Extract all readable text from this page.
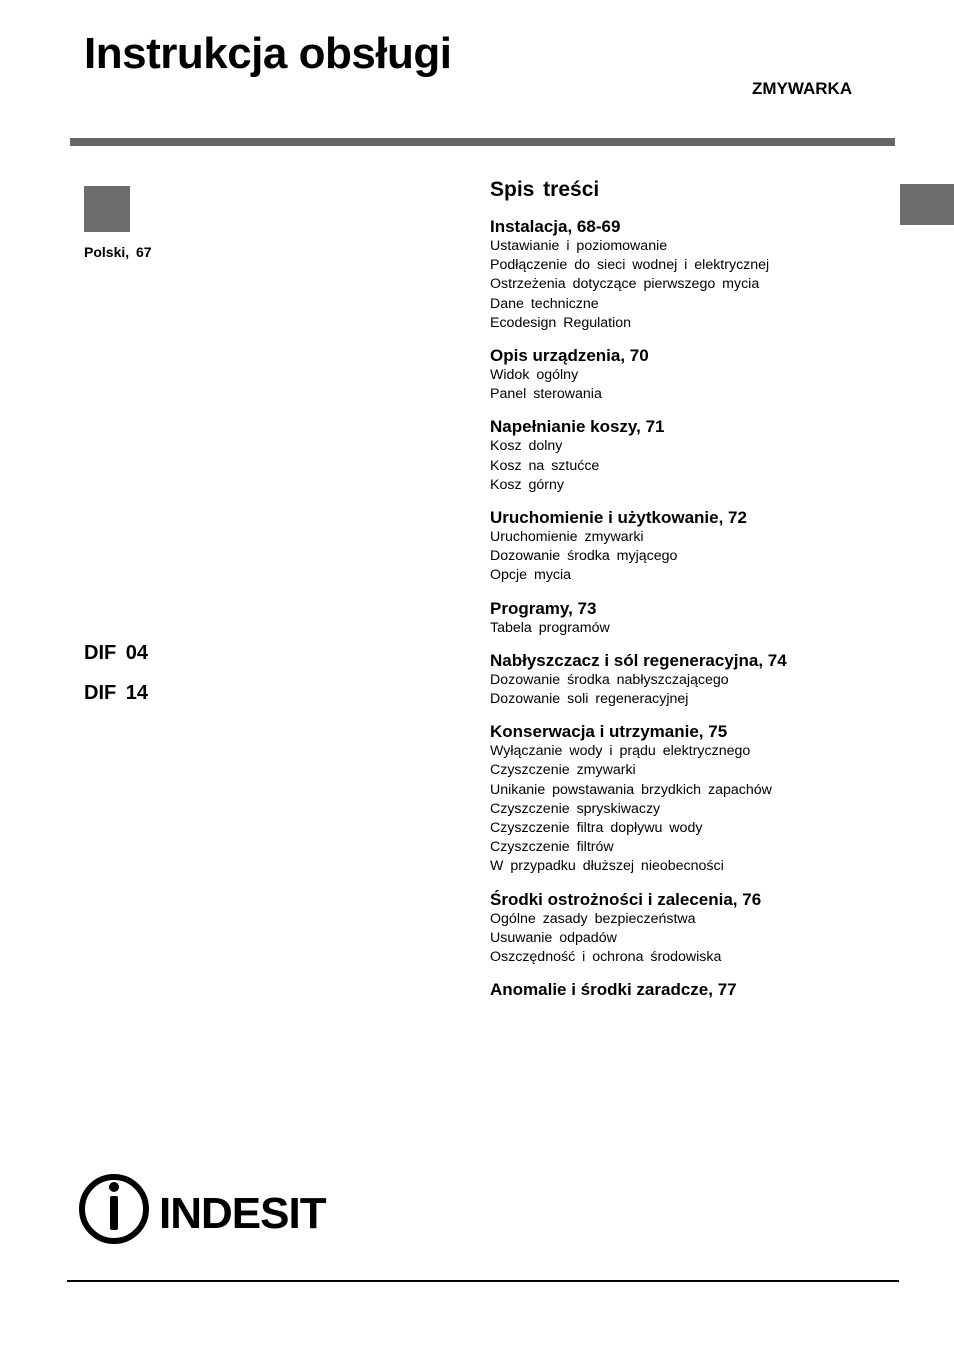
Instrukcja obsługi
ZMYWARKA
Polski, 67
DIF 04
DIF 14
Spis treści
Instalacja, 68-69
Ustawianie i poziomowanie
Podłączenie do sieci wodnej i elektrycznej
Ostrzeżenia dotyczące pierwszego mycia
Dane techniczne
Ecodesign Regulation
Opis urządzenia, 70
Widok ogólny
Panel sterowania
Napełnianie koszy, 71
Kosz dolny
Kosz na sztućce
Kosz górny
Uruchomienie i użytkowanie, 72
Uruchomienie zmywarki
Dozowanie środka myjącego
Opcje mycia
Programy, 73
Tabela programów
Nabłyszczacz i sól regeneracyjna, 74
Dozowanie środka nabłyszczającego
Dozowanie soli regeneracyjnej
Konserwacja i utrzymanie, 75
Wyłączanie wody i prądu elektrycznego
Czyszczenie zmywarki
Unikanie powstawania brzydkich zapachów
Czyszczenie spryskiwaczy
Czyszczenie filtra dopływu wody
Czyszczenie filtrów
W przypadku dłuższej nieobecności
Środki ostrożności i zalecenia, 76
Ogólne zasady bezpieczeństwa
Usuwanie odpadów
Oszczędność i ochrona środowiska
Anomalie i środki zaradcze, 77
INDESIT
